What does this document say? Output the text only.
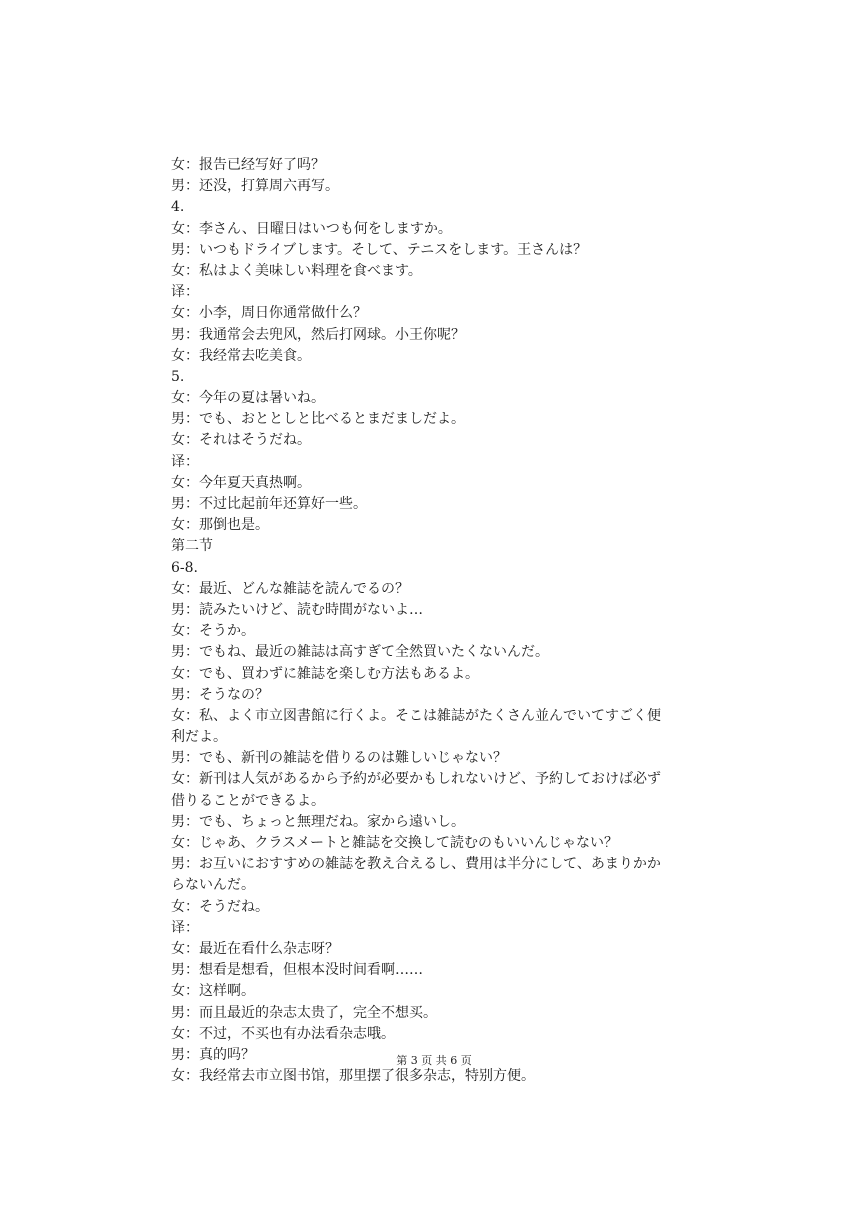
女：报告已经写好了吗？
男：还没，打算周六再写。
4.
女：李さん、日曜日はいつも何をしますか。
男：いつもドライブします。そして、テニスをします。王さんは？
女：私はよく美味しい料理を食べます。
译：
女：小李，周日你通常做什么？
男：我通常会去兜风，然后打网球。小王你呢？
女：我经常去吃美食。
5.
女：今年の夏は暑いね。
男：でも、おととしと比べるとまだましだよ。
女：それはそうだね。
译：
女：今年夏天真热啊。
男：不过比起前年还算好一些。
女：那倒也是。
第二节
6-8.
女：最近、どんな雑誌を読んでるの？
男：読みたいけど、読む時間がないよ…
女：そうか。
男：でもね、最近の雑誌は高すぎて全然買いたくないんだ。
女：でも、買わずに雑誌を楽しむ方法もあるよ。
男：そうなの？
女：私、よく市立図書館に行くよ。そこは雑誌がたくさん並んでいてすごく便
利だよ。
男：でも、新刊の雑誌を借りるのは難しいじゃない？
女：新刊は人気があるから予約が必要かもしれないけど、予約しておけば必ず
借りることができるよ。
男：でも、ちょっと無理だね。家から遠いし。
女：じゃあ、クラスメートと雑誌を交換して読むのもいいんじゃない？
男：お互いにおすすめの雑誌を教え合えるし、費用は半分にして、あまりかか
らないんだ。
女：そうだね。
译：
女：最近在看什么杂志呀？
男：想看是想看，但根本没时间看啊……
女：这样啊。
男：而且最近的杂志太贵了，完全不想买。
女：不过，不买也有办法看杂志哦。
男：真的吗？
女：我经常去市立图书馆，那里摆了很多杂志，特别方便。
第 3 页 共 6 页
